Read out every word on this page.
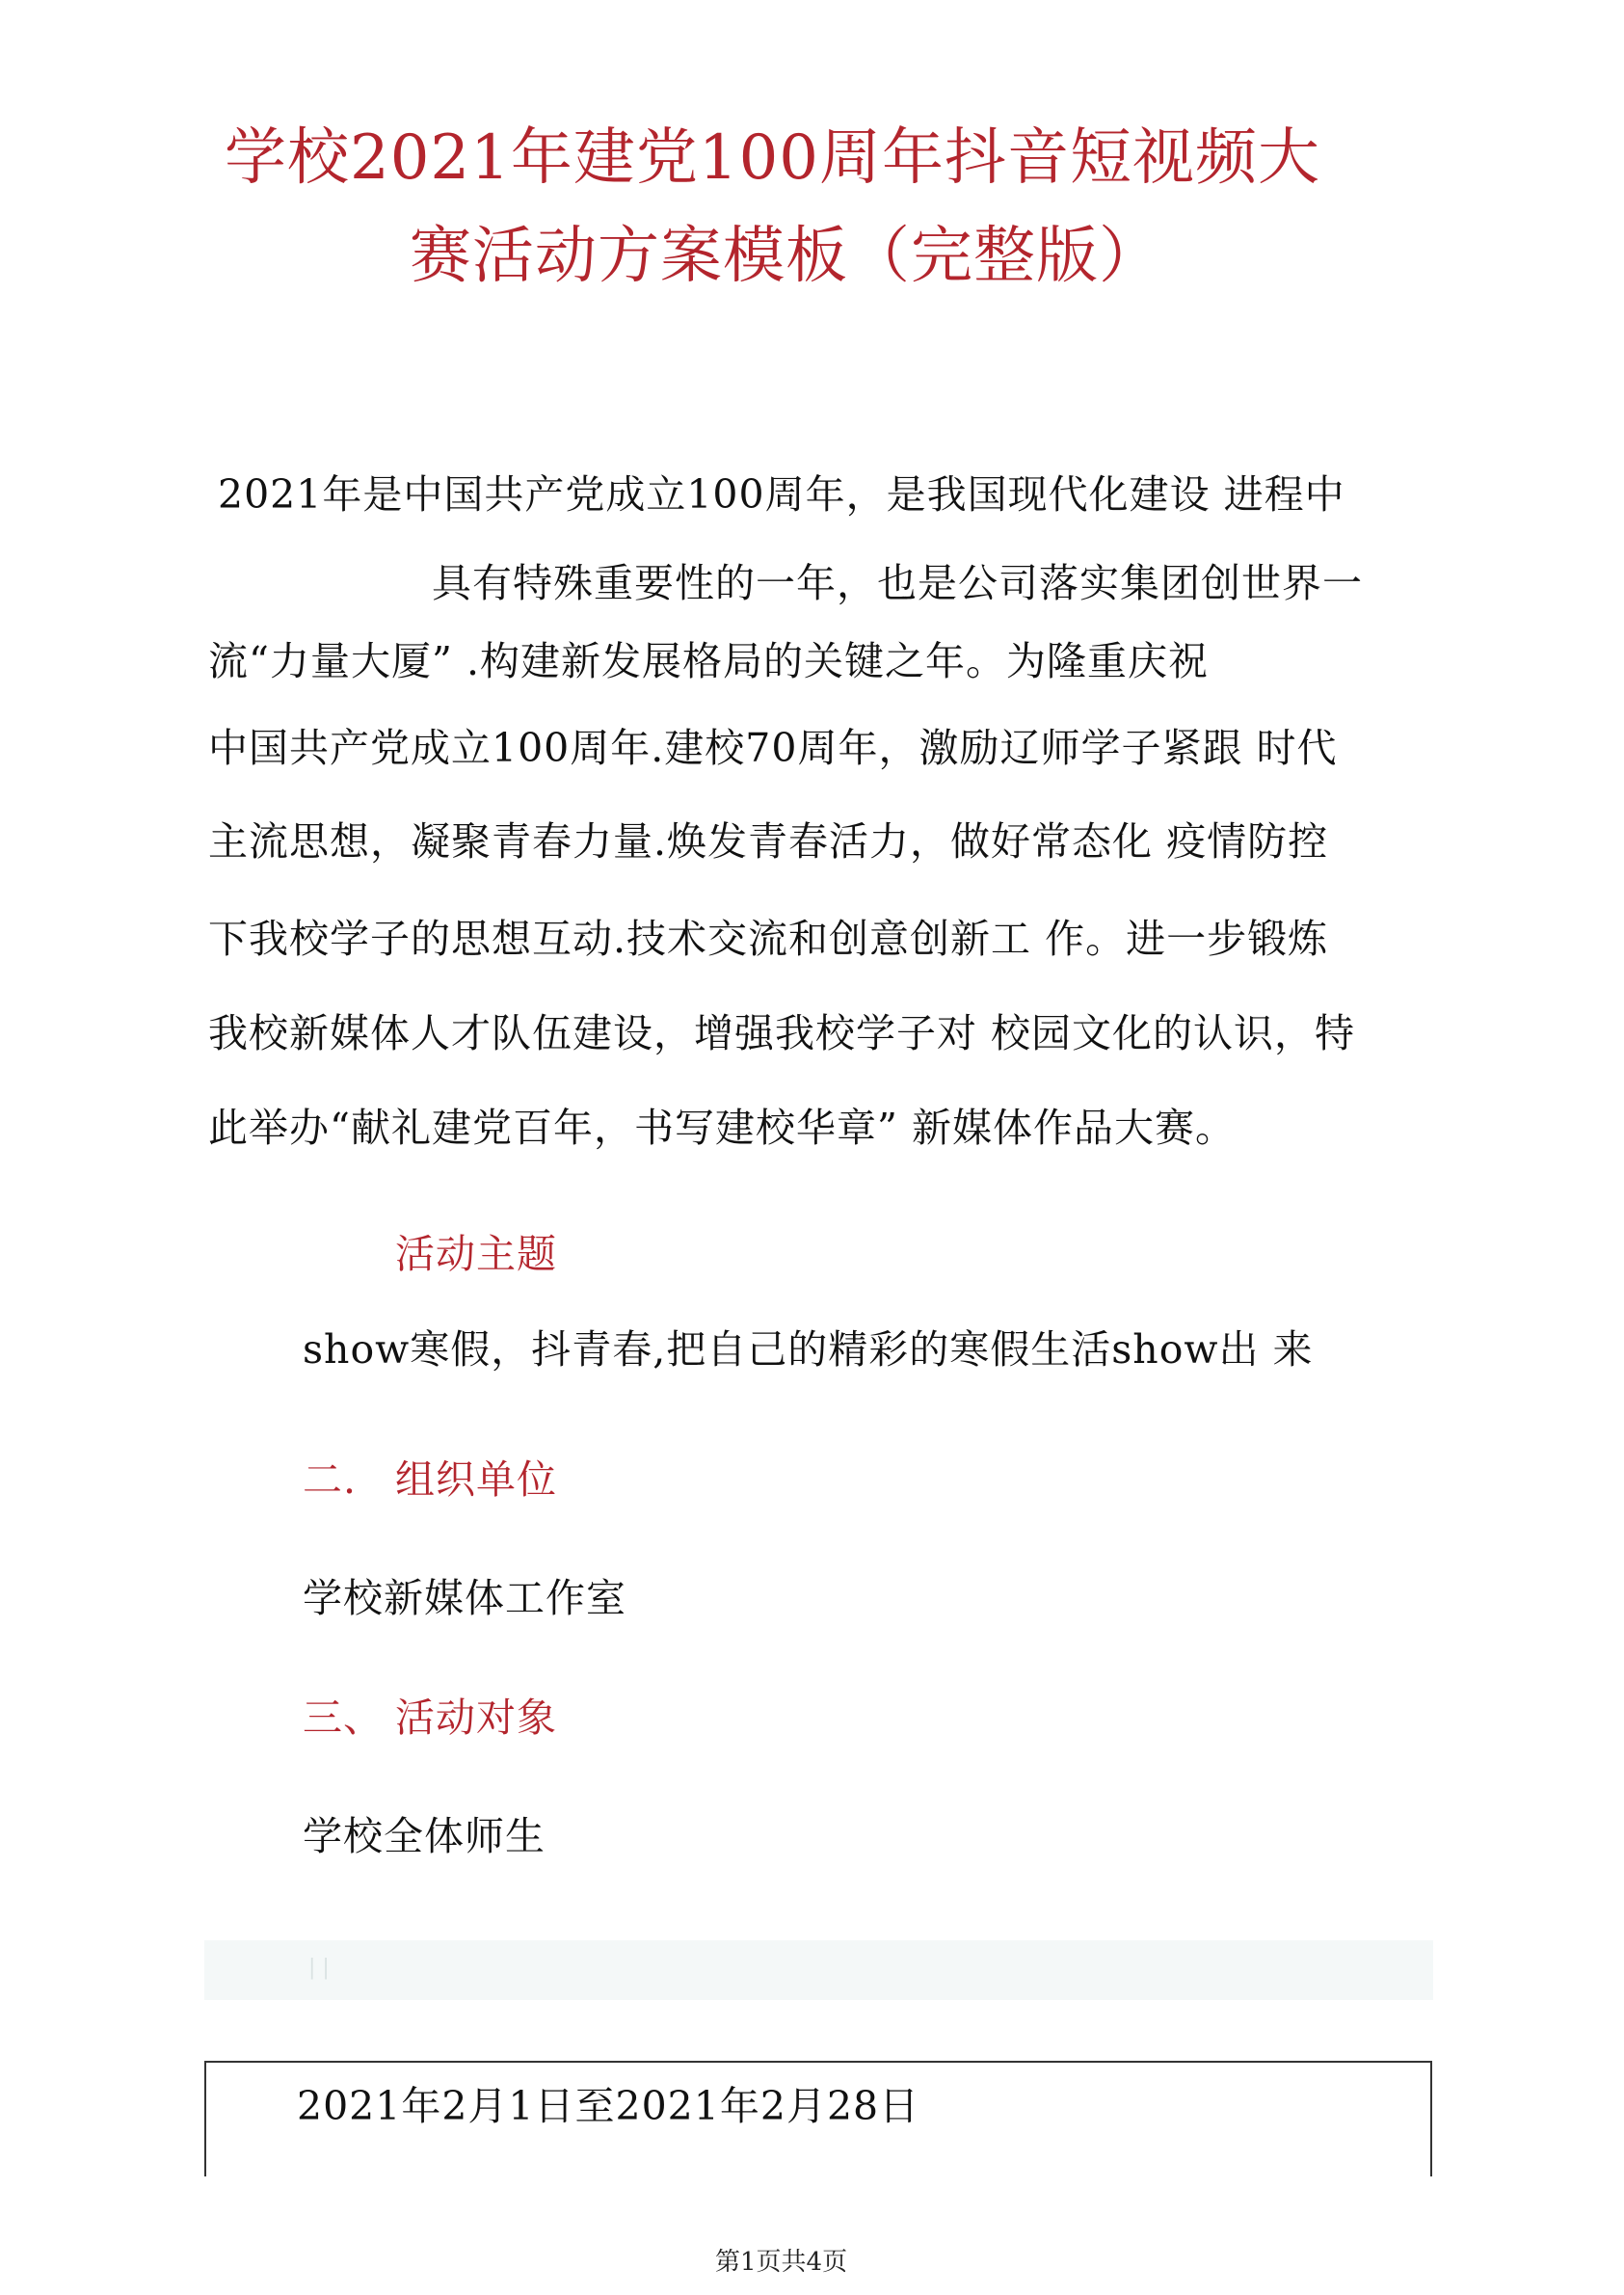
学校2021年建党100周年抖音短视频大
赛活动方案模板（完整版）
2021年是中国共产党成立100周年，是我国现代化建设 进程中
具有特殊重要性的一年，也是公司落实集团创世界一
流“力量大厦” .构建新发展格局的关键之年。为隆重庆祝
中国共产党成立100周年.建校70周年，激励辽师学子紧跟 时代
主流思想，凝聚青春力量.焕发青春活力，做好常态化 疫情防控
下我校学子的思想互动.技术交流和创意创新工 作。进一步锻炼
我校新媒体人才队伍建设，增强我校学子对 校园文化的认识，特
此举办“献礼建党百年，书写建校华章” 新媒体作品大赛。
活动主题
show寒假，抖青春,把自己的精彩的寒假生活show出 来
二. 组织单位
学校新媒体工作室
三、 活动对象
学校全体师生
| |
2021年2月1日至2021年2月28日
第1页共4页
